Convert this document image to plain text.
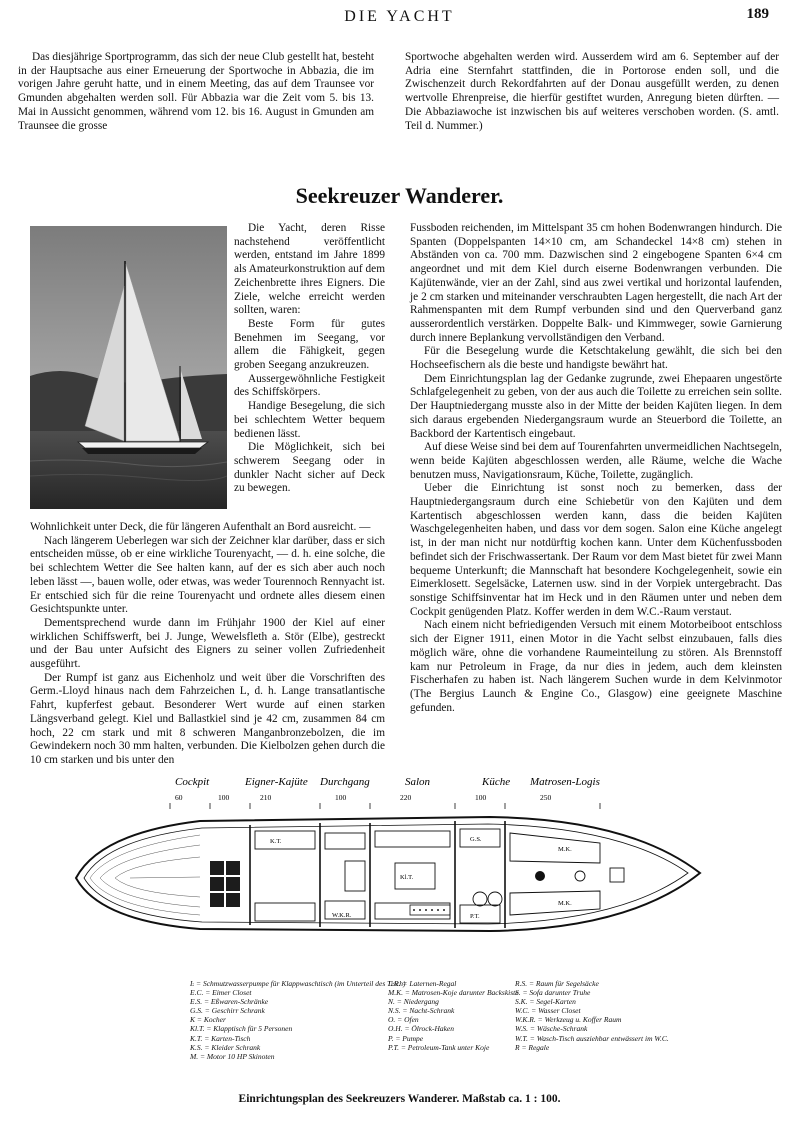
DIE YACHT	189

Das diesjährige Sportprogramm, das sich der neue Club gestellt hat, besteht in der Hauptsache aus einer Erneuerung der Sportwoche in Abbazia, die im vorigen Jahre geruht hatte, und in einem Meeting, das auf dem Traunsee vor Gmunden abgehalten werden soll. Für Abbazia war die Zeit vom 5. bis 13. Mai in Aussicht genommen, während vom 12. bis 16. August in Gmunden am Traunsee die grosse

Sportwoche abgehalten werden wird. Ausserdem wird am 6. September auf der Adria eine Sternfahrt stattfinden, die in Portorose enden soll, und die Zwischenzeit durch Rekordfahrten auf der Donau ausgefüllt werden, zu denen wertvolle Ehrenpreise, die hierfür gestiftet wurden, Anregung bieten dürften. — Die Abbaziawoche ist inzwischen bis auf weiteres verschoben worden. (S. amtl. Teil d. Nummer.)

Seekreuzer Wanderer.

Die Yacht, deren Risse nachstehend veröffentlicht werden, entstand im Jahre 1899 als Amateurkonstruktion auf dem Zeichenbrette ihres Eigners. Die Ziele, welche erreicht werden sollten, waren:

Beste Form für gutes Benehmen im Seegang, vor allem die Fähigkeit, gegen groben Seegang anzukreuzen.

Aussergewöhnliche Festigkeit des Schiffskörpers.

Handige Besegelung, die sich bei schlechtem Wetter bequem bedienen lässt.

Die Möglichkeit, sich bei schwerem Seegang oder in dunkler Nacht sicher auf Deck zu bewegen.

Wohnlichkeit unter Deck, die für längeren Aufenthalt an Bord ausreicht. —

Nach längerem Ueberlegen war sich der Zeichner klar darüber, dass er sich entscheiden müsse, ob er eine wirkliche Tourenyacht, — d. h. eine solche, die bei schlechtem Wetter die See halten kann, auf der es sich aber auch noch leben lässt —, bauen wolle, oder etwas, was weder Tourennoch Rennyacht ist. Er entschied sich für die reine Tourenyacht und ordnete alles diesem einen Gesichtspunkte unter.

Dementsprechend wurde dann im Frühjahr 1900 der Kiel auf einer wirklichen Schiffswerft, bei J. Junge, Wewelsfleth a. Stör (Elbe), gestreckt und der Bau unter Aufsicht des Eigners zu seiner vollen Zufriedenheit ausgeführt.

Der Rumpf ist ganz aus Eichenholz und weit über die Vorschriften des Germ.-Lloyd hinaus nach dem Fahrzeichen L, d. h. Lange transatlantische Fahrt, kupferfest gebaut. Besonderer Wert wurde auf einen starken Längsverband gelegt. Kiel und Ballastkiel sind je 42 cm, zusammen 84 cm hoch, 22 cm stark und mit 8 schweren Manganbronzebolzen, die im Gewindekern noch 30 mm halten, verbunden. Die Kielbolzen gehen durch die 10 cm starken und bis unter den

Fussboden reichenden, im Mittelspant 35 cm hohen Bodenwrangen hindurch. Die Spanten (Doppelspanten 14×10 cm, am Schandeckel 14×8 cm) stehen in Abständen von ca. 700 mm. Dazwischen sind 2 eingebogene Spanten 6×4 cm angeordnet und mit dem Kiel durch eiserne Bodenwrangen verbunden. Die Kajütenwände, vier an der Zahl, sind aus zwei vertikal und horizontal laufenden, je 2 cm starken und miteinander verschraubten Lagen hergestellt, die nach Art der Rahmenspanten mit dem Rumpf verbunden sind und den Querverband ganz ausserordentlich verstärken. Doppelte Balk- und Kimmweger, sowie Garnierung durch innere Beplankung vervollständigen den Verband.

Für die Besegelung wurde die Ketschtakelung gewählt, die sich bei den Hochseefischern als die beste und handigste bewährt hat.

Dem Einrichtungsplan lag der Gedanke zugrunde, zwei Ehepaaren ungestörte Schlafgelegenheit zu geben, von der aus auch die Toilette zu erreichen sein sollte. Der Hauptniedergang musste also in der Mitte der beiden Kajüten liegen. In dem sich daraus ergebenden Niedergangsraum wurde an Steuerbord die Toilette, an Backbord der Kartentisch eingebaut.

Auf diese Weise sind bei dem auf Tourenfahrten unvermeidlichen Nachtsegeln, wenn beide Kajüten abgeschlossen werden, alle Räume, welche die Wache benutzen muss, Navigationsraum, Küche, Toilette, zugänglich.

Ueber die Einrichtung ist sonst noch zu bemerken, dass der Hauptniedergangsraum durch eine Schiebetür von den Kajüten und dem Kartentisch abgeschlossen werden kann, dass die beiden Kajüten Waschgelegenheiten haben, und dass vor dem sogen. Salon eine Küche angelegt ist, in der man nicht nur notdürftig kochen kann. Unter dem Küchenfussboden befindet sich der Frischwassertank. Der Raum vor dem Mast bietet für zwei Mann bequeme Unterkunft; die Mannschaft hat besondere Kochgelegenheit, sowie ein Eimerklosett. Segelsäcke, Laternen usw. sind in der Vorpiek untergebracht. Das sonstige Schiffsinventar hat im Heck und in den Räumen unter und neben dem Cockpit genügenden Platz. Koffer werden in dem W.C.-Raum verstaut.

Nach einem nicht befriedigenden Versuch mit einem Motorbeiboot entschloss sich der Eigner 1911, einen Motor in die Yacht selbst einzubauen, falls dies möglich wäre, ohne die vorhandene Raumeinteilung zu stören. Als Brennstoff kam nur Petroleum in Frage, da nur dies in jedem, auch dem kleinsten Fischerhafen zu haben ist. Nach längerem Suchen wurde in dem Kelvinmotor (The Bergius Launch & Engine Co., Glasgow) eine geeignete Maschine gefunden.

Cockpit	Eigner-Kajüte Durchgang	Salon	Küche Matrosen-Logis
60	100	210	100	220	100	250
K.T.
Kl.T.
G.S.
P.T.
M.K.
M.K.
W.K.R.
Ŀ = Schmutzwasserpumpe für Klappwaschtisch (im Unterteil des Tisch)
E.C. = Eimer Closet
E.S. = Eßwaren-Schränke
G.S. = Geschirr Schrank
K = Kocher
Kl.T. = Klapptisch für 5 Personen
K.T. = Karten-Tisch
K.S. = Kleider Schrank
M. = Motor 10 HP Skinoten
L.R. = Laternen-Regal
M.K. = Matrosen-Koje darunter Backskiste
N. = Niedergang
N.S. = Nacht-Schrank
O. = Ofen
O.H. = Ölrock-Haken
P. = Pumpe
P.T. = Petroleum-Tank unter Koje
R.S. = Raum für Segelsäcke
S. = Sofa darunter Truhe
S.K. = Segel-Karten
W.C. = Wasser Closet
W.K.R. = Werkzeug u. Koffer Raum
W.S. = Wäsche-Schrank
W.T. = Wasch-Tisch ausziehbar entwässert im W.C.
R = Regale
Einrichtungsplan des Seekreuzers Wanderer. Maßstab ca. 1 : 100.
